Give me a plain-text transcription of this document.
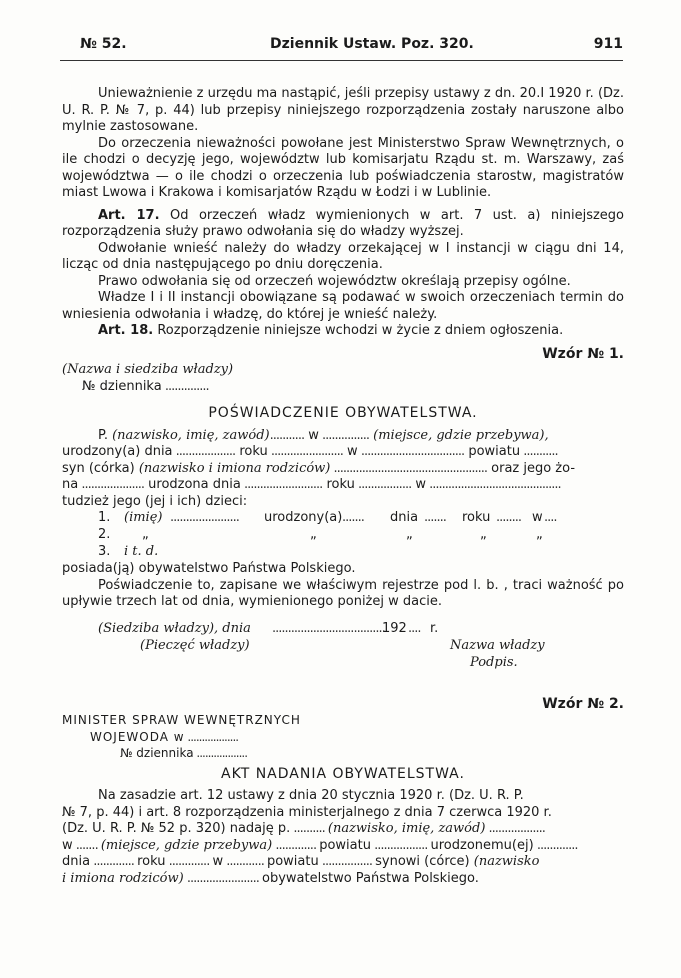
№ 52.	Dziennik Ustaw. Poz. 320.	911

Unieważnienie z urzędu ma nastąpić, jeśli przepisy ustawy z dn. 20.I 1920 r. (Dz. U. R. P. № 7, p. 44) lub przepisy niniejszego rozporządzenia zostały naruszone albo mylnie zastosowane.

Do orzeczenia nieważności powołane jest Ministerstwo Spraw Wewnętrznych, o ile chodzi o decyzję jego, województw lub komisarjatu Rządu st. m. Warszawy, zaś województwa — o ile chodzi o orzeczenia lub poświadczenia starostw, magistratów miast Lwowa i Krakowa i komisarjatów Rządu w Łodzi i w Lublinie.

Art. 17. Od orzeczeń władz wymienionych w art. 7 ust. a) niniejszego rozporządzenia służy prawo odwołania się do władzy wyższej.

Odwołanie wnieść należy do władzy orzekającej w I instancji w ciągu dni 14, licząc od dnia następującego po dniu doręczenia.

Prawo odwołania się od orzeczeń województw określają przepisy ogólne.

Władze I i II instancji obowiązane są podawać w swoich orzeczeniach termin do wniesienia odwołania i władzę, do której je wnieść należy.

Art. 18. Rozporządzenie niniejsze wchodzi w życie z dniem ogłoszenia.

Wzór № 1.

(Nazwa i siedziba władzy)

№ dziennika ..............

POŚWIADCZENIE OBYWATELSTWA.

P. (nazwisko, imię, zawód)........... w ............... (miejsce, gdzie przebywa),

urodzony(a) dnia ................... roku ....................... w ................................. powiatu ...........

syn (córka) (nazwisko i imiona rodziców) ................................................. oraz jego żo-

na .................... urodzona dnia ......................... roku ................. w ..........................................

tudzież jego (jej i ich) dzieci:

1. (imię) ...................... urodzony(a) ....... dnia ....... roku ........ w ....
2. „	„	„	„	„
3. i t. d.

posiada(ją) obywatelstwo Państwa Polskiego.

Poświadczenie to, zapisane we właściwym rejestrze pod l. b. , traci ważność po upływie trzech lat od dnia, wymienionego poniżej w dacie.

(Siedziba władzy), dnia ....................................
192 .... r.
(Pieczęć władzy)	Nazwa władzy
Podpis.

Wzór № 2.

MINISTER SPRAW WEWNĘTRZNYCH

WOJEWODA w ..................

№ dziennika ..................

AKT NADANIA OBYWATELSTWA.

Na zasadzie art. 12 ustawy z dnia 20 stycznia 1920 r. (Dz. U. R. P.

№ 7, p. 44) i art. 8 rozporządzenia ministerjalnego z dnia 7 czerwca 1920 r.

(Dz. U. R. P. № 52 p. 320) nadaję p. .......... (nazwisko, imię, zawód) ..................

w ....... (miejsce, gdzie przebywa) ............. powiatu ................. urodzonemu(ej) .............

dnia ............. roku ............. w ............ powiatu ................ synowi (córce) (nazwisko

i imiona rodziców) ....................... obywatelstwo Państwa Polskiego.
